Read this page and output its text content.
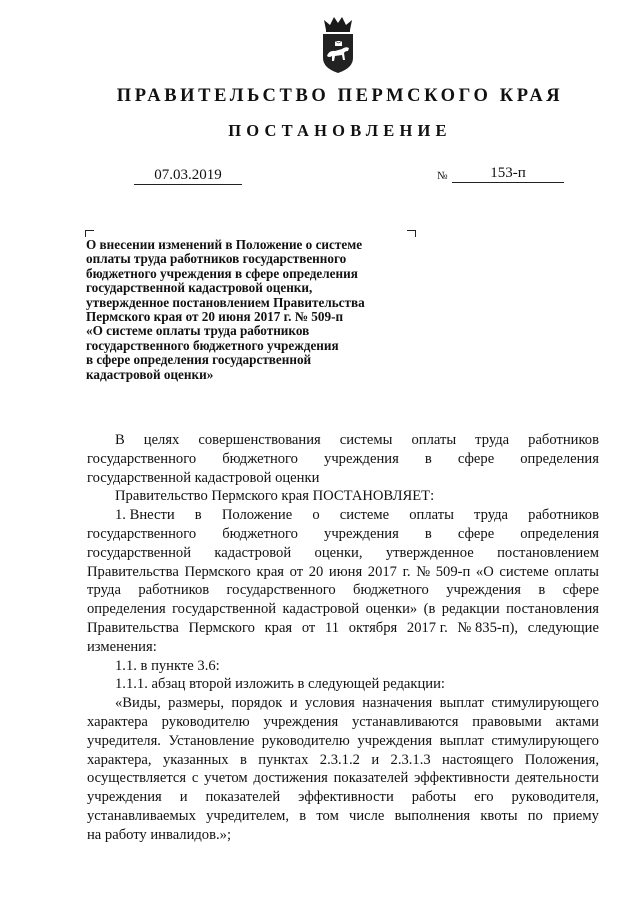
ПРАВИТЕЛЬСТВО ПЕРМСКОГО КРАЯ
ПОСТАНОВЛЕНИЕ
07.03.2019	№	153-п
О внесении изменений в Положение о системе
оплаты труда работников государственного
бюджетного учреждения в сфере определения
государственной кадастровой оценки,
утвержденное постановлением Правительства
Пермского края от 20 июня 2017 г. № 509-п
«О системе оплаты труда работников
государственного бюджетного учреждения
в сфере определения государственной
кадастровой оценки»
В целях совершенствования системы оплаты труда работников
государственного бюджетного учреждения в сфере определения
государственной кадастровой оценки
Правительство Пермского края ПОСТАНОВЛЯЕТ:
1. Внести в Положение о системе оплаты труда работников
государственного бюджетного учреждения в сфере определения
государственной кадастровой оценки, утвержденное постановлением
Правительства Пермского края от 20 июня 2017 г. № 509-п «О системе оплаты
труда работников государственного бюджетного учреждения в сфере
определения государственной кадастровой оценки» (в редакции постановления
Правительства Пермского края от 11 октября 2017 г. № 835-п), следующие
изменения:
1.1. в пункте 3.6:
1.1.1. абзац второй изложить в следующей редакции:
«Виды, размеры, порядок и условия назначения выплат стимулирующего
характера руководителю учреждения устанавливаются правовыми актами
учредителя. Установление руководителю учреждения выплат стимулирующего
характера, указанных в пунктах 2.3.1.2 и 2.3.1.3 настоящего Положения,
осуществляется с учетом достижения показателей эффективности деятельности
учреждения и показателей эффективности работы его руководителя,
устанавливаемых учредителем, в том числе выполнения квоты по приему
на работу инвалидов.»;
